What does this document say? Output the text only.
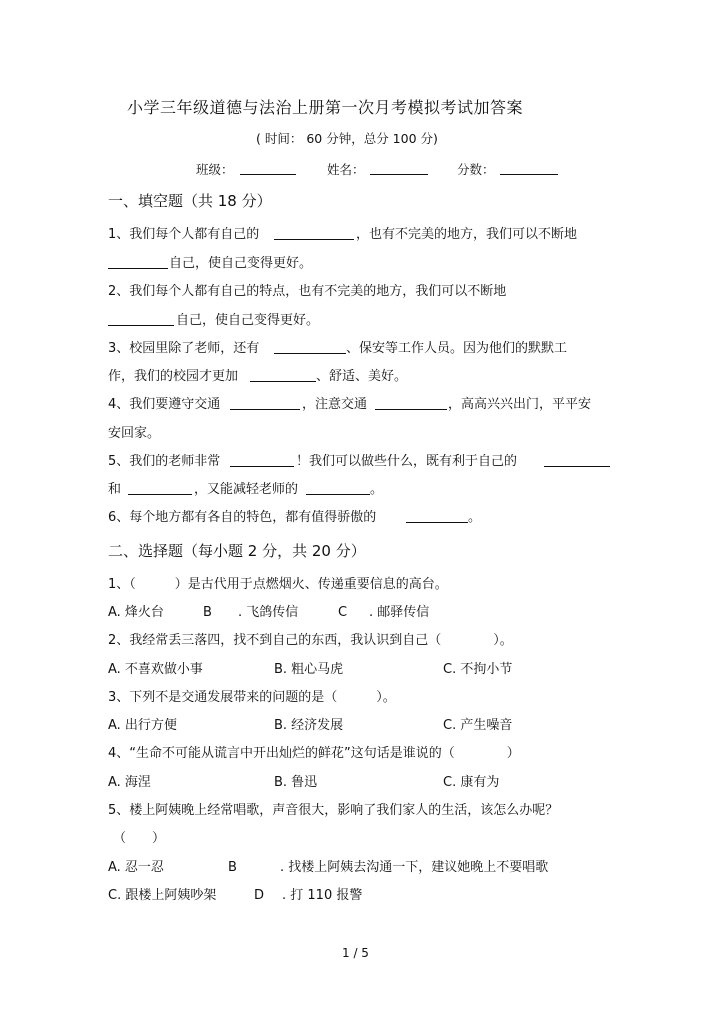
小学三年级道德与法治上册第一次月考模拟考试加答案
( 时间： 60 分钟，总分 100 分)
班级：	姓名：	分数：
一、填空题（共 18 分）
1、我们每个人都有自己的	，也有不完美的地方，我们可以不断地
自己，使自己变得更好。
2、我们每个人都有自己的特点，也有不完美的地方，我们可以不断地
自己，使自己变得更好。
3、校园里除了老师，还有	、保安等工作人员。因为他们的默默工
作，我们的校园才更加	、舒适、美好。
4、我们要遵守交通	，注意交通	，高高兴兴出门，平平安
安回家。
5、我们的老师非常	！我们可以做些什么，既有利于自己的
和	，又能减轻老师的	。
6、每个地方都有各自的特色，都有值得骄傲的	。
二、选择题（每小题 2 分，共 20 分）
1、（　　　）是古代用于点燃烟火、传递重要信息的高台。
A. 烽火台	B . 飞鸽传信	C . 邮驿传信
2、我经常丢三落四，找不到自己的东西，我认识到自己（　　　　）。
A. 不喜欢做小事	B. 粗心马虎	C. 不拘小节
3、下列不是交通发展带来的问题的是（　　　）。
A. 出行方便	B. 经济发展	C. 产生噪音
4、“生命不可能从谎言中开出灿烂的鲜花”这句话是谁说的（　　　　）
A. 海涅	B. 鲁迅	C. 康有为
5、楼上阿姨晚上经常唱歌，声音很大，影响了我们家人的生活，该怎么办呢？
（　　）
A. 忍一忍	B	. 找楼上阿姨去沟通一下，建议她晚上不要唱歌
C. 跟楼上阿姨吵架	D . 打 110 报警
1 / 5
